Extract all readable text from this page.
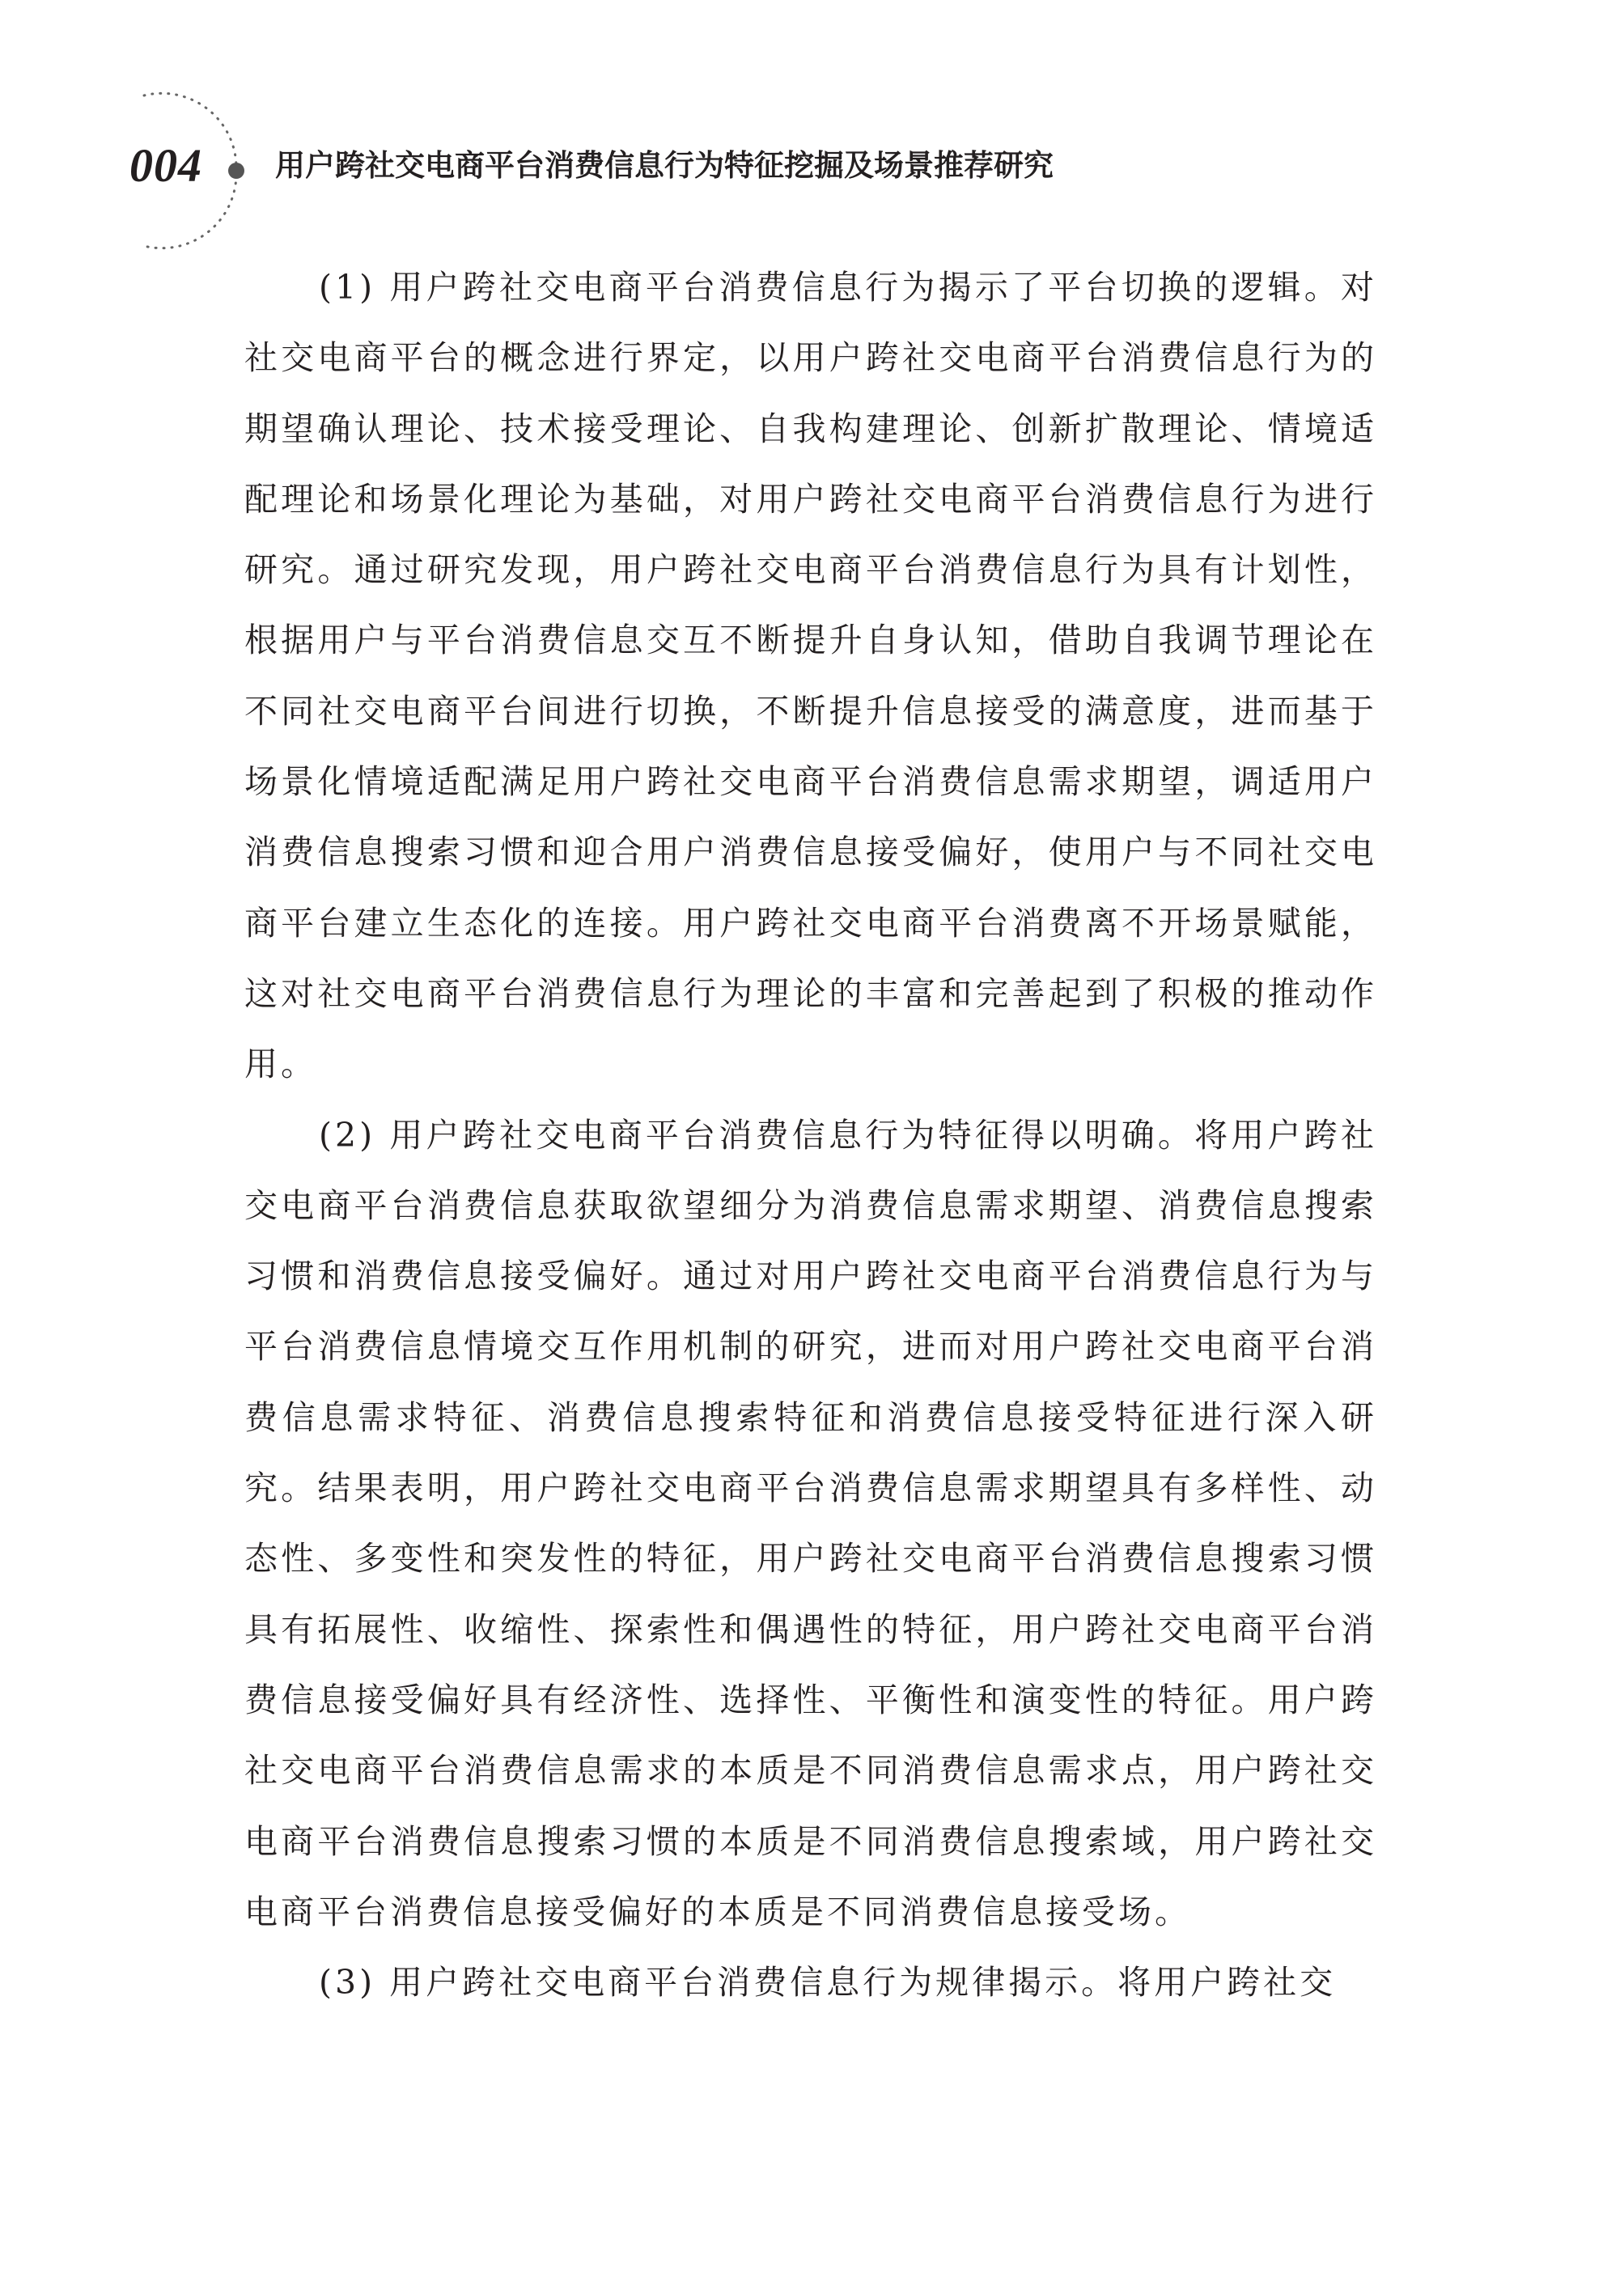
004 用户跨社交电商平台消费信息行为特征挖掘及场景推荐研究

(1) 用户跨社交电商平台消费信息行为揭示了平台切换的逻辑。对社交电商平台的概念进行界定，以用户跨社交电商平台消费信息行为的期望确认理论、技术接受理论、自我构建理论、创新扩散理论、情境适配理论和场景化理论为基础，对用户跨社交电商平台消费信息行为进行研究。通过研究发现，用户跨社交电商平台消费信息行为具有计划性，根据用户与平台消费信息交互不断提升自身认知，借助自我调节理论在不同社交电商平台间进行切换，不断提升信息接受的满意度，进而基于场景化情境适配满足用户跨社交电商平台消费信息需求期望，调适用户消费信息搜索习惯和迎合用户消费信息接受偏好，使用户与不同社交电商平台建立生态化的连接。用户跨社交电商平台消费离不开场景赋能，这对社交电商平台消费信息行为理论的丰富和完善起到了积极的推动作用。

(2) 用户跨社交电商平台消费信息行为特征得以明确。将用户跨社交电商平台消费信息获取欲望细分为消费信息需求期望、消费信息搜索习惯和消费信息接受偏好。通过对用户跨社交电商平台消费信息行为与平台消费信息情境交互作用机制的研究，进而对用户跨社交电商平台消费信息需求特征、消费信息搜索特征和消费信息接受特征进行深入研究。结果表明，用户跨社交电商平台消费信息需求期望具有多样性、动态性、多变性和突发性的特征，用户跨社交电商平台消费信息搜索习惯具有拓展性、收缩性、探索性和偶遇性的特征，用户跨社交电商平台消费信息接受偏好具有经济性、选择性、平衡性和演变性的特征。用户跨社交电商平台消费信息需求的本质是不同消费信息需求点，用户跨社交电商平台消费信息搜索习惯的本质是不同消费信息搜索域，用户跨社交电商平台消费信息接受偏好的本质是不同消费信息接受场。

(3) 用户跨社交电商平台消费信息行为规律揭示。将用户跨社交
